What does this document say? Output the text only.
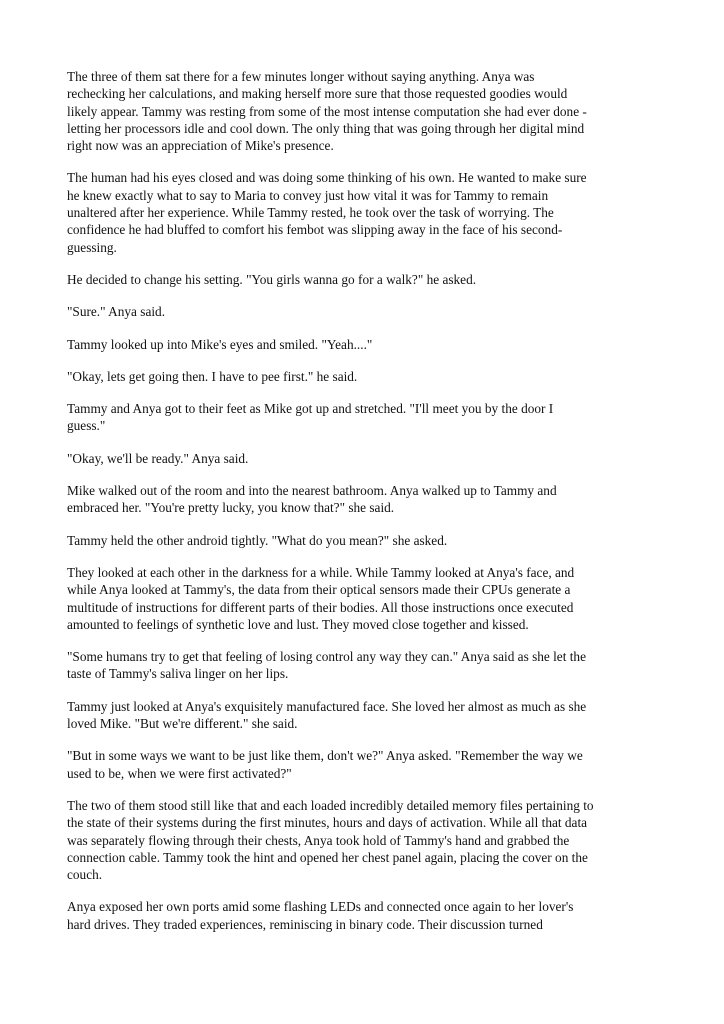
The three of them sat there for a few minutes longer without saying anything. Anya was
rechecking her calculations, and making herself more sure that those requested goodies would
likely appear. Tammy was resting from some of the most intense computation she had ever done -
letting her processors idle and cool down. The only thing that was going through her digital mind
right now was an appreciation of Mike's presence.

The human had his eyes closed and was doing some thinking of his own. He wanted to make sure
he knew exactly what to say to Maria to convey just how vital it was for Tammy to remain
unaltered after her experience. While Tammy rested, he took over the task of worrying. The
confidence he had bluffed to comfort his fembot was slipping away in the face of his second-
guessing.

He decided to change his setting. "You girls wanna go for a walk?" he asked.

"Sure." Anya said.

Tammy looked up into Mike's eyes and smiled. "Yeah...."

"Okay, lets get going then. I have to pee first." he said.

Tammy and Anya got to their feet as Mike got up and stretched. "I'll meet you by the door I
guess."

"Okay, we'll be ready." Anya said.

Mike walked out of the room and into the nearest bathroom. Anya walked up to Tammy and
embraced her. "You're pretty lucky, you know that?" she said.

Tammy held the other android tightly. "What do you mean?" she asked.

They looked at each other in the darkness for a while. While Tammy looked at Anya's face, and
while Anya looked at Tammy's, the data from their optical sensors made their CPUs generate a
multitude of instructions for different parts of their bodies. All those instructions once executed
amounted to feelings of synthetic love and lust. They moved close together and kissed.

"Some humans try to get that feeling of losing control any way they can." Anya said as she let the
taste of Tammy's saliva linger on her lips.

Tammy just looked at Anya's exquisitely manufactured face. She loved her almost as much as she
loved Mike. "But we're different." she said.

"But in some ways we want to be just like them, don't we?" Anya asked. "Remember the way we
used to be, when we were first activated?"

The two of them stood still like that and each loaded incredibly detailed memory files pertaining to
the state of their systems during the first minutes, hours and days of activation. While all that data
was separately flowing through their chests, Anya took hold of Tammy's hand and grabbed the
connection cable. Tammy took the hint and opened her chest panel again, placing the cover on the
couch.

Anya exposed her own ports amid some flashing LEDs and connected once again to her lover's
hard drives. They traded experiences, reminiscing in binary code. Their discussion turned
